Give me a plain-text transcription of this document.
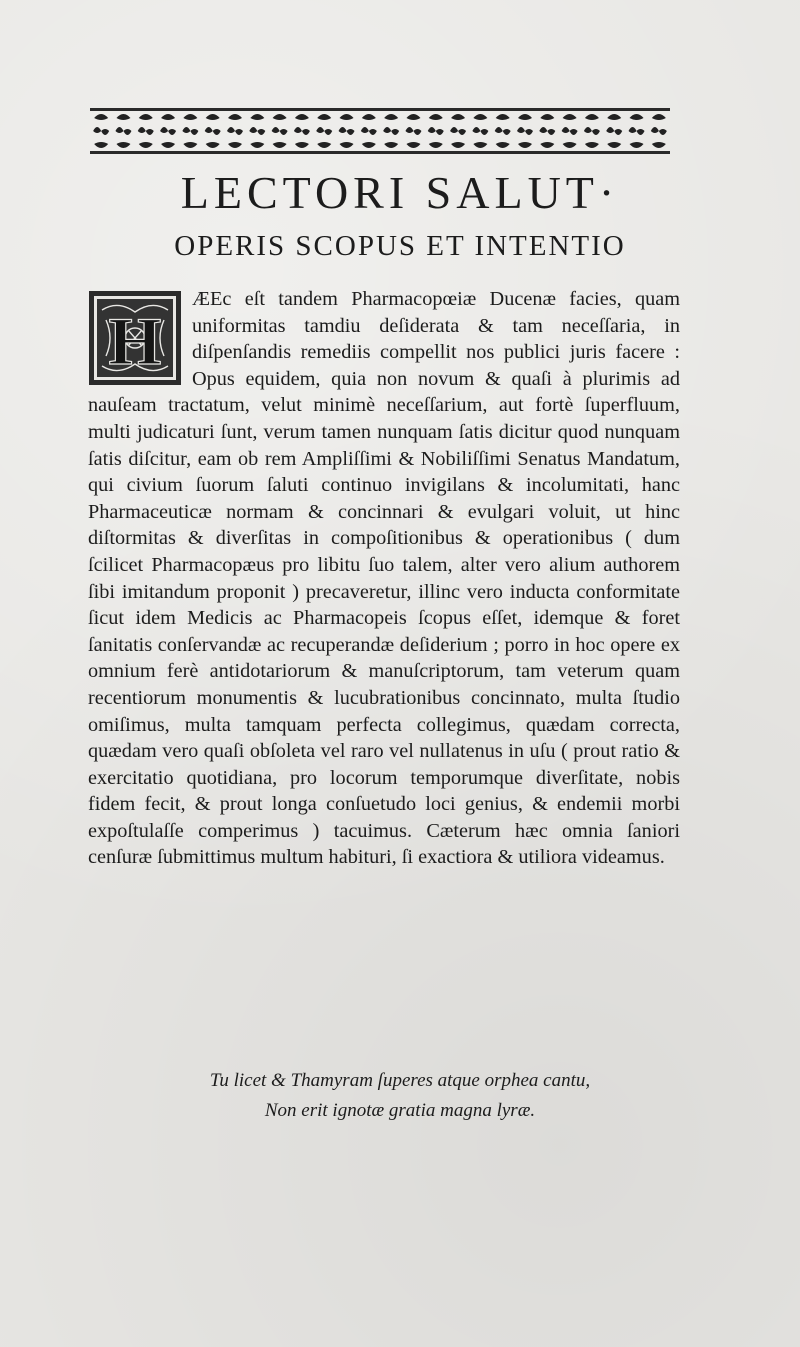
LECTORI SALUT·
OPERIS SCOPUS ET INTENTIO
H

ÆEc eſt tandem Pharmacopœiæ Ducenæ facies, quam uniformitas tamdiu deſiderata & tam neceſſaria, in diſpenſandis remediis compellit nos publici juris facere : Opus equidem, quia non novum & quaſi à plurimis ad nauſeam tractatum, velut minimè neceſſarium, aut fortè ſuperfluum, multi judicaturi ſunt, verum tamen nunquam ſatis dicitur quod nunquam ſatis diſcitur, eam ob rem Ampliſſimi & Nobiliſſimi Senatus Mandatum, qui civium ſuorum ſaluti continuo invigilans & incolumitati, hanc Pharmaceuticæ normam & concinnari & evulgari voluit, ut hinc diſtormitas & diverſitas in compoſitionibus & operationibus ( dum ſcilicet Pharmacopæus pro libitu ſuo talem, alter vero alium authorem ſibi imitandum proponit ) precaveretur, illinc vero inducta conformitate ſicut idem Medicis ac Pharmacopeis ſcopus eſſet, idemque & foret ſanitatis conſervandæ ac recuperandæ deſiderium ; porro in hoc opere ex omnium ferè antidotariorum & manuſcriptorum, tam veterum quam recentiorum monumentis & lucubrationibus concinnato, multa ſtudio omiſimus, multa tamquam perfecta collegimus, quædam correcta, quædam vero quaſi obſoleta vel raro vel nullatenus in uſu ( prout ratio & exercitatio quotidiana, pro locorum temporumque diverſitate, nobis fidem fecit, & prout longa conſuetudo loci genius, & endemii morbi expoſtulaſſe comperimus ) tacuimus. Cæterum hæc omnia ſaniori cenſuræ ſubmittimus multum habituri, ſi exactiora & utiliora videamus.

Tu licet & Thamyram ſuperes atque orphea cantu,
Non erit ignotæ gratia magna lyræ.
